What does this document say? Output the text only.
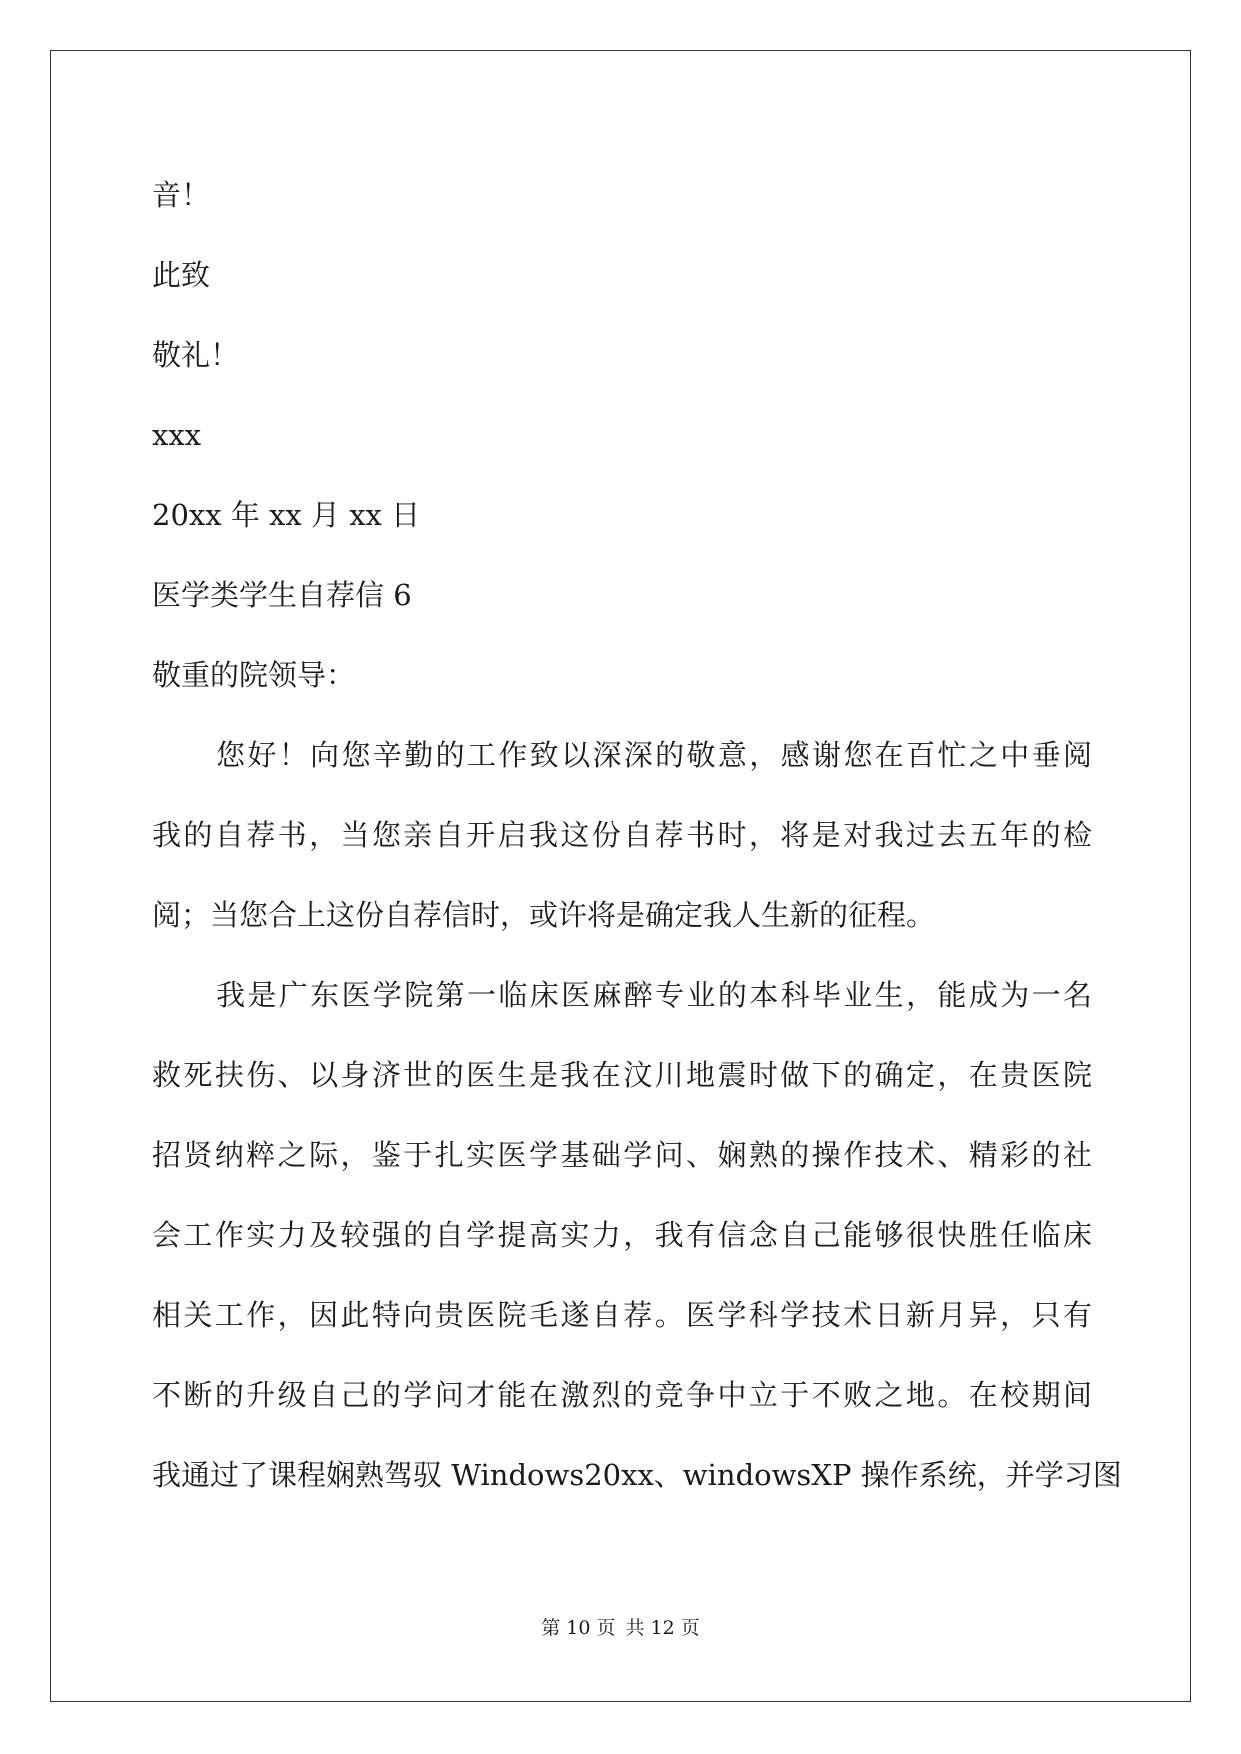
音！
此致
敬礼！
xxx
20xx 年 xx 月 xx 日
医学类学生自荐信 6
敬重的院领导：
您好！向您辛勤的工作致以深深的敬意，感谢您在百忙之中垂阅
我的自荐书，当您亲自开启我这份自荐书时，将是对我过去五年的检
阅；当您合上这份自荐信时，或许将是确定我人生新的征程。
我是广东医学院第一临床医麻醉专业的本科毕业生，能成为一名
救死扶伤、以身济世的医生是我在汶川地震时做下的确定，在贵医院
招贤纳粹之际，鉴于扎实医学基础学问、娴熟的操作技术、精彩的社
会工作实力及较强的自学提高实力，我有信念自己能够很快胜任临床
相关工作，因此特向贵医院毛遂自荐。医学科学技术日新月异，只有
不断的升级自己的学问才能在激烈的竞争中立于不败之地。在校期间
我通过了课程娴熟驾驭 Windows20xx、windowsXP 操作系统，并学习图
第 10 页 共 12 页
